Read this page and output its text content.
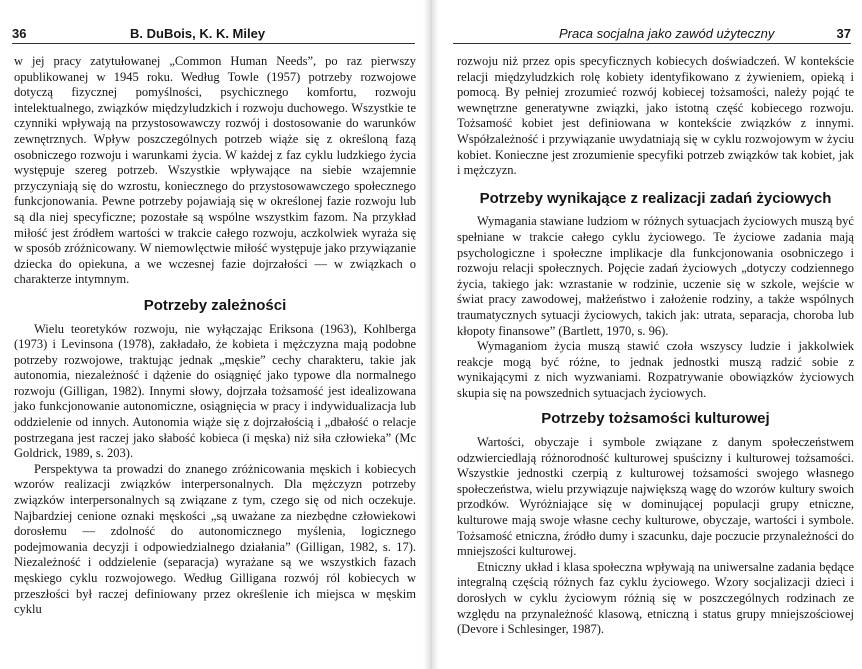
36	B. DuBois, K. K. Miley

w jej pracy zatytułowanej „Common Human Needs”, po raz pierwszy opublikowanej w 1945 roku. Według Towle (1957) potrzeby rozwojowe dotyczą fizycznej pomyślności, psychicznego komfortu, rozwoju intelektualnego, związków międzyludzkich i rozwoju duchowego. Wszystkie te czynniki wpływają na przystosowawczy rozwój i dostosowanie do warunków zewnętrznych. Wpływ poszczególnych potrzeb wiąże się z określoną fazą osobniczego rozwoju i warunkami życia. W każdej z faz cyklu ludzkiego życia występuje szereg potrzeb. Wszystkie wpływające na siebie wzajemnie przyczyniają się do wzrostu, koniecznego do przystosowawczego społecznego funkcjonowania. Pewne potrzeby pojawiają się w określonej fazie rozwoju lub są dla niej specyficzne; pozostałe są wspólne wszystkim fazom. Na przykład miłość jest źródłem wartości w trakcie całego rozwoju, aczkolwiek wyraża się w sposób zróżnicowany. W niemowlęctwie miłość występuje jako przywiązanie dziecka do opiekuna, a we wczesnej fazie dojrzałości — w związkach o charakterze intymnym.

Potrzeby zależności

Wielu teoretyków rozwoju, nie wyłączając Eriksona (1963), Kohlberga (1973) i Levinsona (1978), zakładało, że kobieta i mężczyzna mają podobne potrzeby rozwojowe, traktując jednak „męskie” cechy charakteru, takie jak autonomia, niezależność i dążenie do osiągnięć jako typowe dla normalnego rozwoju (Gilligan, 1982). Innymi słowy, dojrzała tożsamość jest idealizowana jako funkcjonowanie autonomiczne, osiągnięcia w pracy i indywidualizacja lub oddzielenie od innych. Autonomia wiąże się z dojrzałością i „dbałość o relacje postrzegana jest raczej jako słabość kobieca (i męska) niż siła człowieka” (Mc Goldrick, 1989, s. 203).

Perspektywa ta prowadzi do znanego zróżnicowania męskich i kobiecych wzorów realizacji związków interpersonalnych. Dla mężczyzn potrzeby związków interpersonalnych są związane z tym, czego się od nich oczekuje. Najbardziej cenione oznaki męskości „są uważane za niezbędne człowiekowi dorosłemu — zdolność do autonomicznego myślenia, logicznego podejmowania decyzji i odpowiedzialnego działania” (Gilligan, 1982, s. 17). Niezależność i oddzielenie (separacja) wyrażane są we wszystkich fazach męskiego cyklu rozwojowego. Według Gilligana rozwój ról kobiecych w przeszłości był raczej definiowany przez określenie ich miejsca w męskim cyklu

Praca socjalna jako zawód użyteczny	37

rozwoju niż przez opis specyficznych kobiecych doświadczeń. W kontekście relacji międzyludzkich rolę kobiety identyfikowano z żywieniem, opieką i pomocą. By pełniej zrozumieć rozwój kobiecej tożsamości, należy pojąć te wewnętrzne generatywne związki, jako istotną część kobiecego rozwoju. Tożsamość kobiet jest definiowana w kontekście związków z innymi. Współzależność i przywiązanie uwydatniają się w cyklu rozwojowym w życiu kobiet. Konieczne jest zrozumienie specyfiki potrzeb związków tak kobiet, jak i mężczyzn.

Potrzeby wynikające z realizacji zadań życiowych

Wymagania stawiane ludziom w różnych sytuacjach życiowych muszą być spełniane w trakcie całego cyklu życiowego. Te życiowe zadania mają psychologiczne i społeczne implikacje dla funkcjonowania osobniczego i rozwoju relacji społecznych. Pojęcie zadań życiowych „dotyczy codziennego życia, takiego jak: wzrastanie w rodzinie, uczenie się w szkole, wejście w świat pracy zawodowej, małżeństwo i założenie rodziny, a także wspólnych traumatycznych sytuacji życiowych, takich jak: utrata, separacja, choroba lub kłopoty finansowe” (Bartlett, 1970, s. 96).

Wymaganiom życia muszą stawić czoła wszyscy ludzie i jakkolwiek reakcje mogą być różne, to jednak jednostki muszą radzić sobie z wynikającymi z nich wyzwaniami. Rozpatrywanie obowiązków życiowych skupia się na powszednich sytuacjach życiowych.

Potrzeby tożsamości kulturowej

Wartości, obyczaje i symbole związane z danym społeczeństwem odzwierciedlają różnorodność kulturowej spuścizny i kulturowej tożsamości. Wszystkie jednostki czerpią z kulturowej tożsamości swojego własnego społeczeństwa, wielu przywiązuje największą wagę do wzorów kultury swoich przodków. Wyróżniające się w dominującej populacji grupy etniczne, kulturowe mają swoje własne cechy kulturowe, obyczaje, wartości i symbole. Tożsamość etniczna, źródło dumy i szacunku, daje poczucie przynależności do mniejszości kulturowej.

Etniczny układ i klasa społeczna wpływają na uniwersalne zadania będące integralną częścią różnych faz cyklu życiowego. Wzory socjalizacji dzieci i dorosłych w cyklu życiowym różnią się w poszczególnych rodzinach ze względu na przynależność klasową, etniczną i status grupy mniejszościowej (Devore i Schlesinger, 1987).
